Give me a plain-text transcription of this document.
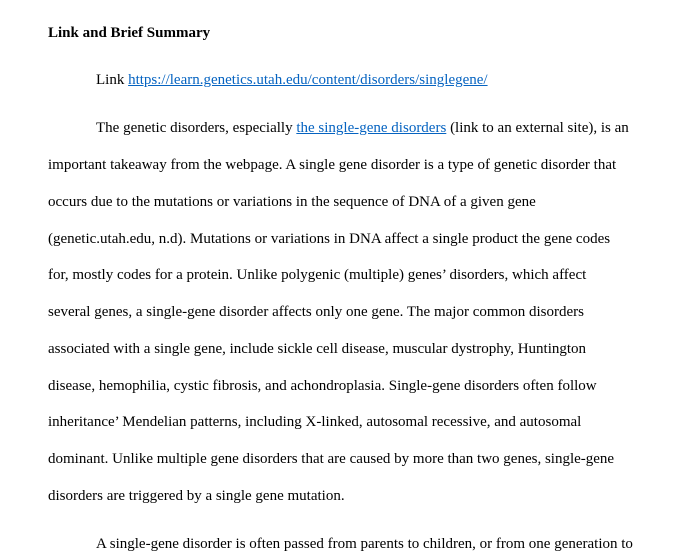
Link and Brief Summary
Link https://learn.genetics.utah.edu/content/disorders/singlegene/
The genetic disorders, especially the single-gene disorders (link to an external site), is an
important takeaway from the webpage. A single gene disorder is a type of genetic disorder that
occurs due to the mutations or variations in the sequence of DNA of a given gene
(genetic.utah.edu, n.d). Mutations or variations in DNA affect a single product the gene codes
for, mostly codes for a protein. Unlike polygenic (multiple) genes’ disorders, which affect
several genes, a single-gene disorder affects only one gene. The major common disorders
associated with a single gene, include sickle cell disease, muscular dystrophy, Huntington
disease, hemophilia, cystic fibrosis, and achondroplasia. Single-gene disorders often follow
inheritance’ Mendelian patterns, including X-linked, autosomal recessive, and autosomal
dominant. Unlike multiple gene disorders that are caused by more than two genes, single-gene
disorders are triggered by a single gene mutation.
A single-gene disorder is often passed from parents to children, or from one generation to
